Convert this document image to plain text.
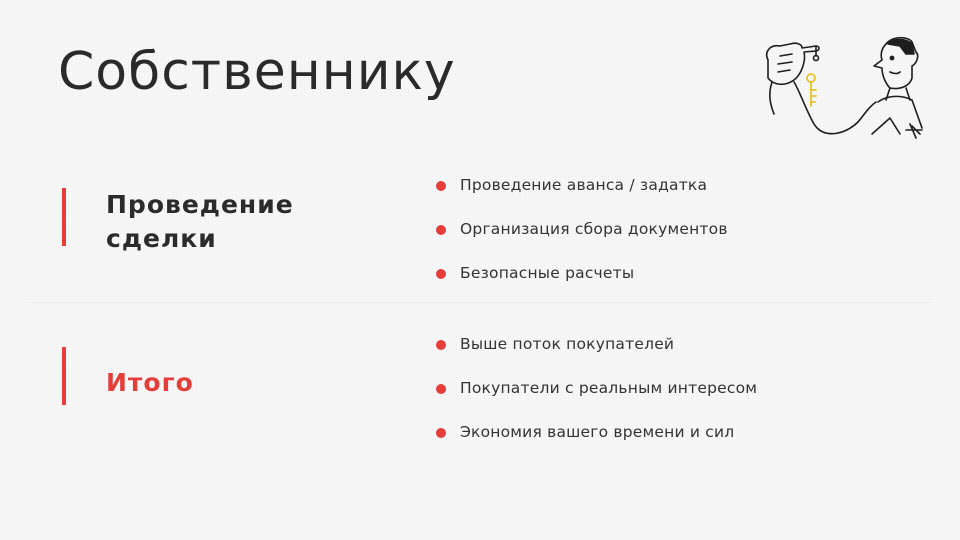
Собственнику
Проведение
сделки
Проведение аванса / задатка
Организация сбора документов
Безопасные расчеты
Итого
Выше поток покупателей
Покупатели с реальным интересом
Экономия вашего времени и сил
